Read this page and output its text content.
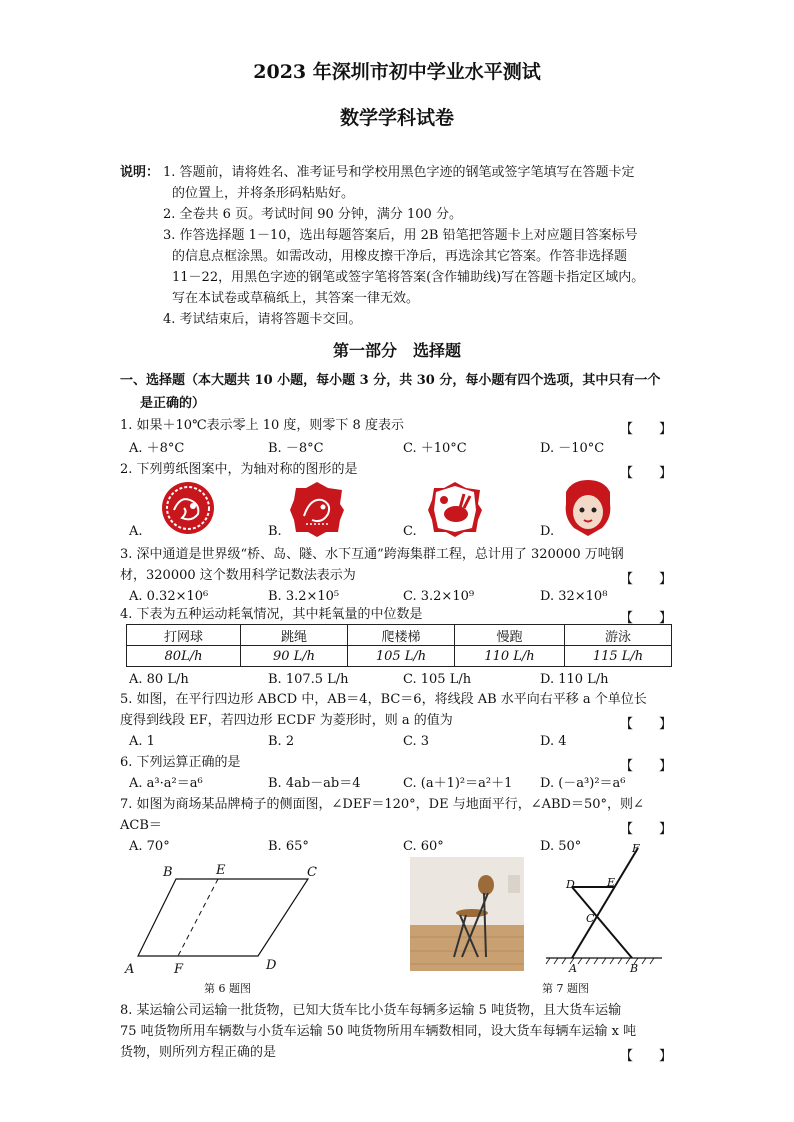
2023 年深圳市初中学业水平测试
数学学科试卷
说明： 1. 答题前，请将姓名、准考证号和学校用黑色字迹的钢笔或签字笔填写在答题卡定
的位置上，并将条形码粘贴好。
2. 全卷共 6 页。考试时间 90 分钟，满分 100 分。
3. 作答选择题 1－10，选出每题答案后，用 2B 铅笔把答题卡上对应题目答案标号
的信息点框涂黑。如需改动，用橡皮擦干净后，再选涂其它答案。作答非选择题
11－22，用黑色字迹的钢笔或签字笔将答案(含作辅助线)写在答题卡指定区域内。
写在本试卷或草稿纸上，其答案一律无效。
4. 考试结束后，请将答题卡交回。
第一部分　选择题
一、选择题（本大题共 10 小题，每小题 3 分，共 30 分，每小题有四个选项，其中只有一个
是正确的）
1. 如果＋10℃表示零上 10 度，则零下 8 度表示	【　　】
A. ＋8°C	B. －8°C	C. ＋10°C	D. －10°C
2. 下列剪纸图案中，为轴对称的图形的是	【　　】
A.	B.	C.	D.
3. 深中通道是世界级“桥、岛、隧、水下互通”跨海集群工程，总计用了 320000 万吨钢
材，320000 这个数用科学记数法表示为	【　　】
A. 0.32×10⁶	B. 3.2×10⁵	C. 3.2×10⁹	D. 32×10⁸
4. 下表为五种运动耗氧情况，其中耗氧量的中位数是	【　　】
打网球	跳绳	爬楼梯	慢跑	游泳
80L/h	90 L/h	105 L/h	110 L/h	115 L/h
A. 80 L/h	B. 107.5 L/h	C. 105 L/h	D. 110 L/h
5. 如图，在平行四边形 ABCD 中，AB＝4，BC＝6，将线段 AB 水平向右平移 a 个单位长
度得到线段 EF，若四边形 ECDF 为菱形时，则 a 的值为	【　　】
A. 1	B. 2	C. 3	D. 4
6. 下列运算正确的是	【　　】
A. a³·a²＝a⁶	B. 4ab－ab＝4	C. (a＋1)²＝a²＋1 D. (－a³)²＝a⁶
7. 如图为商场某品牌椅子的侧面图，∠DEF＝120°，DE 与地面平行，∠ABD＝50°，则∠
ACB＝	【　　】
A. 70°	B. 65°	C. 60°	D. 50°
B	E	C
A	F	D
第 6 题图
F
D	E
C
A	B
第 7 题图
8. 某运输公司运输一批货物，已知大货车比小货车每辆多运输 5 吨货物，且大货车运输
75 吨货物所用车辆数与小货车运输 50 吨货物所用车辆数相同，设大货车每辆车运输 x 吨
货物，则所列方程正确的是	【　　】
